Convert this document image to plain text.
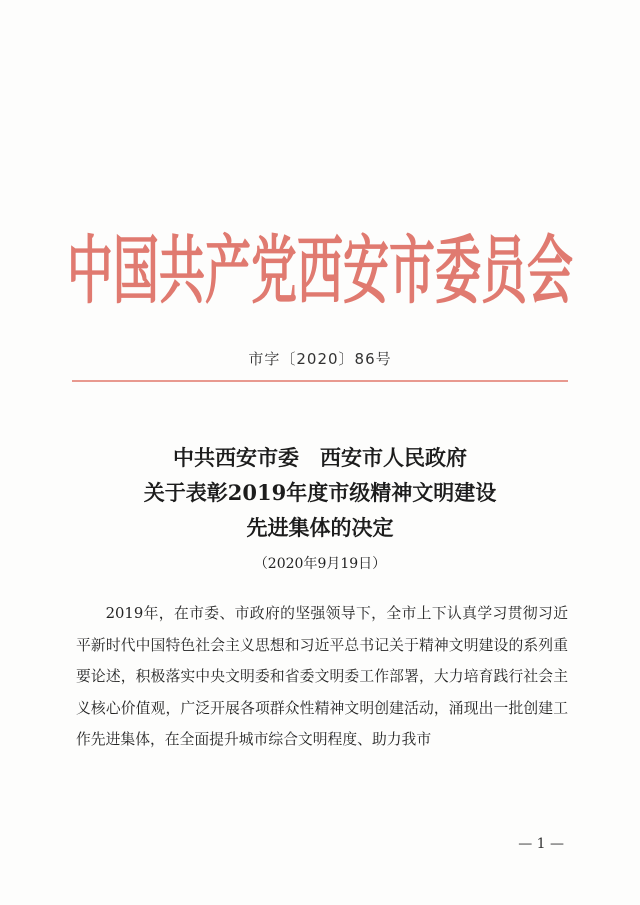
中国共产党西安市委员会
市字〔2020〕86号
中共西安市委　西安市人民政府
关于表彰2019年度市级精神文明建设
先进集体的决定
（2020年9月19日）

2019年，在市委、市政府的坚强领导下，全市上下认真学习贯彻习近平新时代中国特色社会主义思想和习近平总书记关于精神文明建设的系列重要论述，积极落实中央文明委和省委文明委工作部署，大力培育践行社会主义核心价值观，广泛开展各项群众性精神文明创建活动，涌现出一批创建工作先进集体，在全面提升城市综合文明程度、助力我市

— 1 —
